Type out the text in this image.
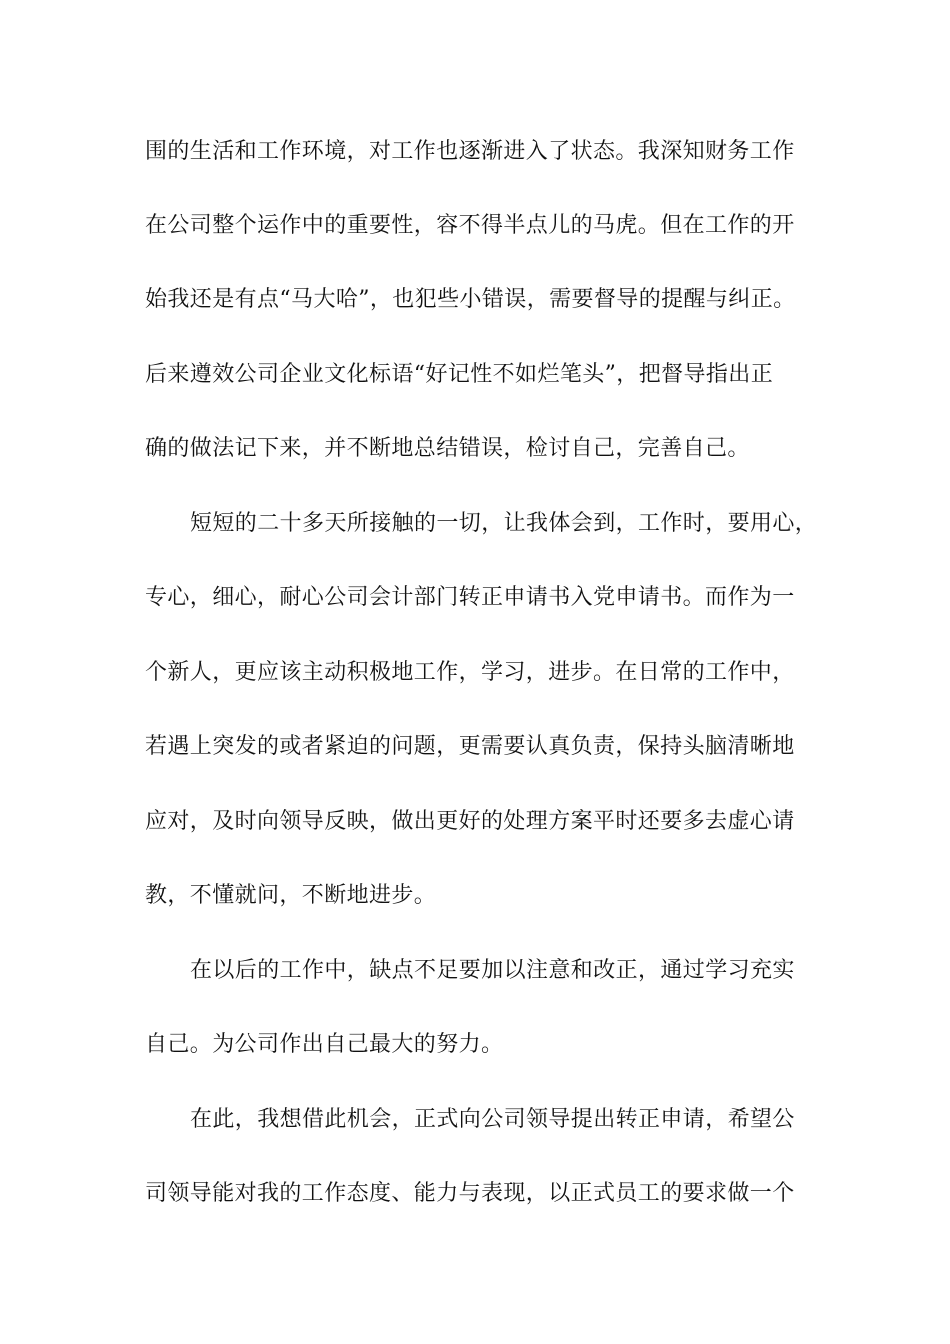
围的生活和工作环境，对工作也逐渐进入了状态。我深知财务工作
在公司整个运作中的重要性，容不得半点儿的马虎。但在工作的开
始我还是有点“马大哈”，也犯些小错误，需要督导的提醒与纠正。
后来遵效公司企业文化标语“好记性不如烂笔头”，把督导指出正
确的做法记下来，并不断地总结错误，检讨自己，完善自己。
短短的二十多天所接触的一切，让我体会到，工作时，要用心，
专心，细心，耐心公司会计部门转正申请书入党申请书。而作为一
个新人，更应该主动积极地工作，学习，进步。在日常的工作中，
若遇上突发的或者紧迫的问题，更需要认真负责，保持头脑清晰地
应对，及时向领导反映，做出更好的处理方案平时还要多去虚心请
教，不懂就问，不断地进步。
在以后的工作中，缺点不足要加以注意和改正，通过学习充实
自己。为公司作出自己最大的努力。
在此，我想借此机会，正式向公司领导提出转正申请，希望公
司领导能对我的工作态度、能力与表现，以正式员工的要求做一个
